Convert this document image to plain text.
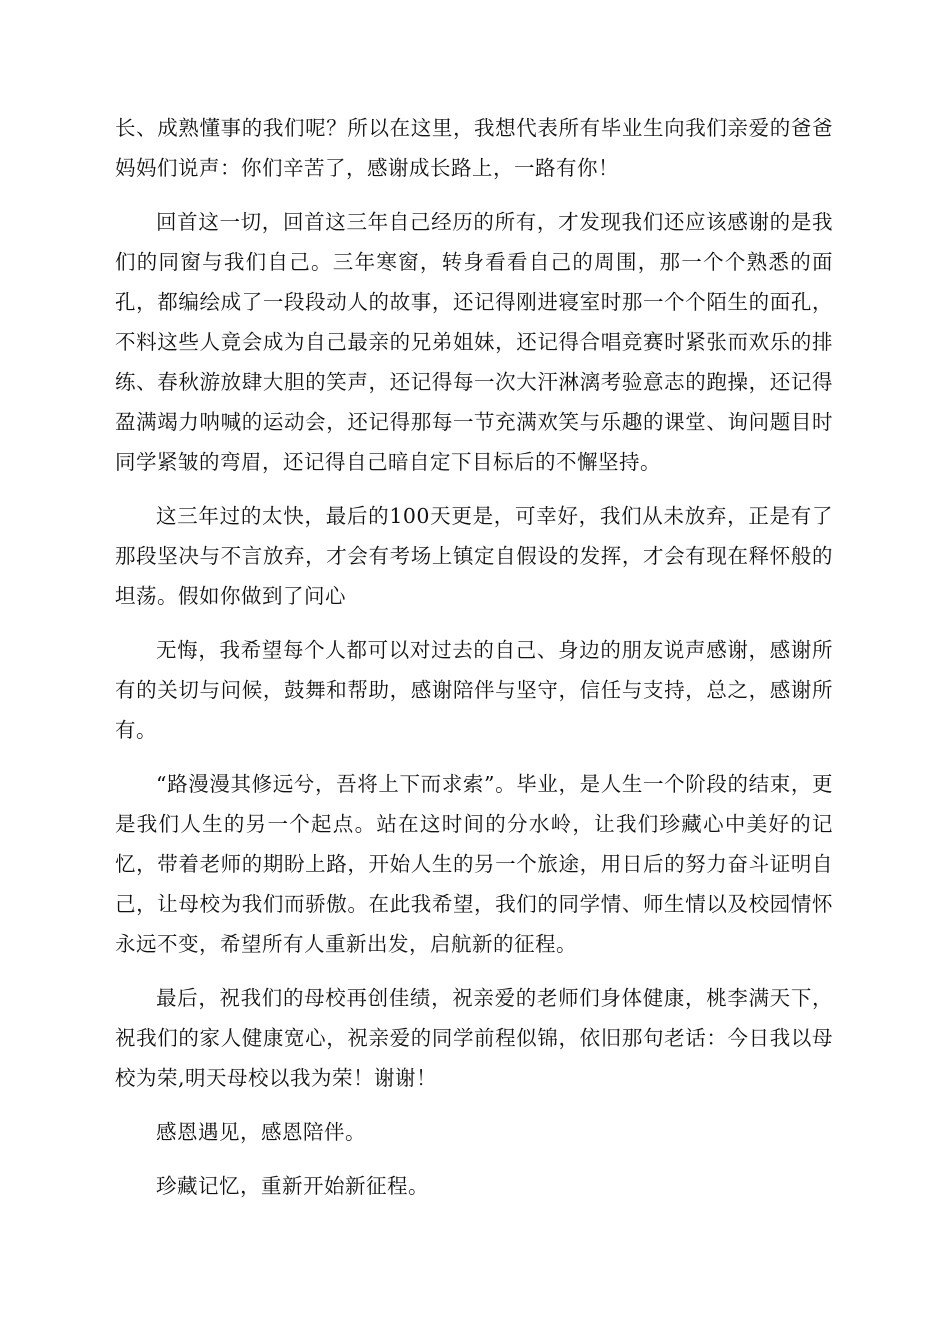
长、成熟懂事的我们呢？所以在这里，我想代表所有毕业生向我们亲爱的爸爸妈妈们说声：你们辛苦了，感谢成长路上，一路有你！

回首这一切，回首这三年自己经历的所有，才发现我们还应该感谢的是我们的同窗与我们自己。三年寒窗，转身看看自己的周围，那一个个熟悉的面孔，都编绘成了一段段动人的故事，还记得刚进寝室时那一个个陌生的面孔，不料这些人竟会成为自己最亲的兄弟姐妹，还记得合唱竞赛时紧张而欢乐的排练、春秋游放肆大胆的笑声，还记得每一次大汗淋漓考验意志的跑操，还记得盈满竭力呐喊的运动会，还记得那每一节充满欢笑与乐趣的课堂、询问题目时同学紧皱的弯眉，还记得自己暗自定下目标后的不懈坚持。

这三年过的太快，最后的100天更是，可幸好，我们从未放弃，正是有了那段坚决与不言放弃，才会有考场上镇定自假设的发挥，才会有现在释怀般的坦荡。假如你做到了问心

无悔，我希望每个人都可以对过去的自己、身边的朋友说声感谢，感谢所有的关切与问候，鼓舞和帮助，感谢陪伴与坚守，信任与支持，总之，感谢所有。

“路漫漫其修远兮，吾将上下而求索”。毕业，是人生一个阶段的结束，更是我们人生的另一个起点。站在这时间的分水岭，让我们珍藏心中美好的记忆，带着老师的期盼上路，开始人生的另一个旅途，用日后的努力奋斗证明自己，让母校为我们而骄傲。在此我希望，我们的同学情、师生情以及校园情怀永远不变，希望所有人重新出发，启航新的征程。

最后，祝我们的母校再创佳绩，祝亲爱的老师们身体健康，桃李满天下，祝我们的家人健康宽心，祝亲爱的同学前程似锦，依旧那句老话：今日我以母校为荣,明天母校以我为荣！谢谢！

感恩遇见，感恩陪伴。

珍藏记忆，重新开始新征程。
